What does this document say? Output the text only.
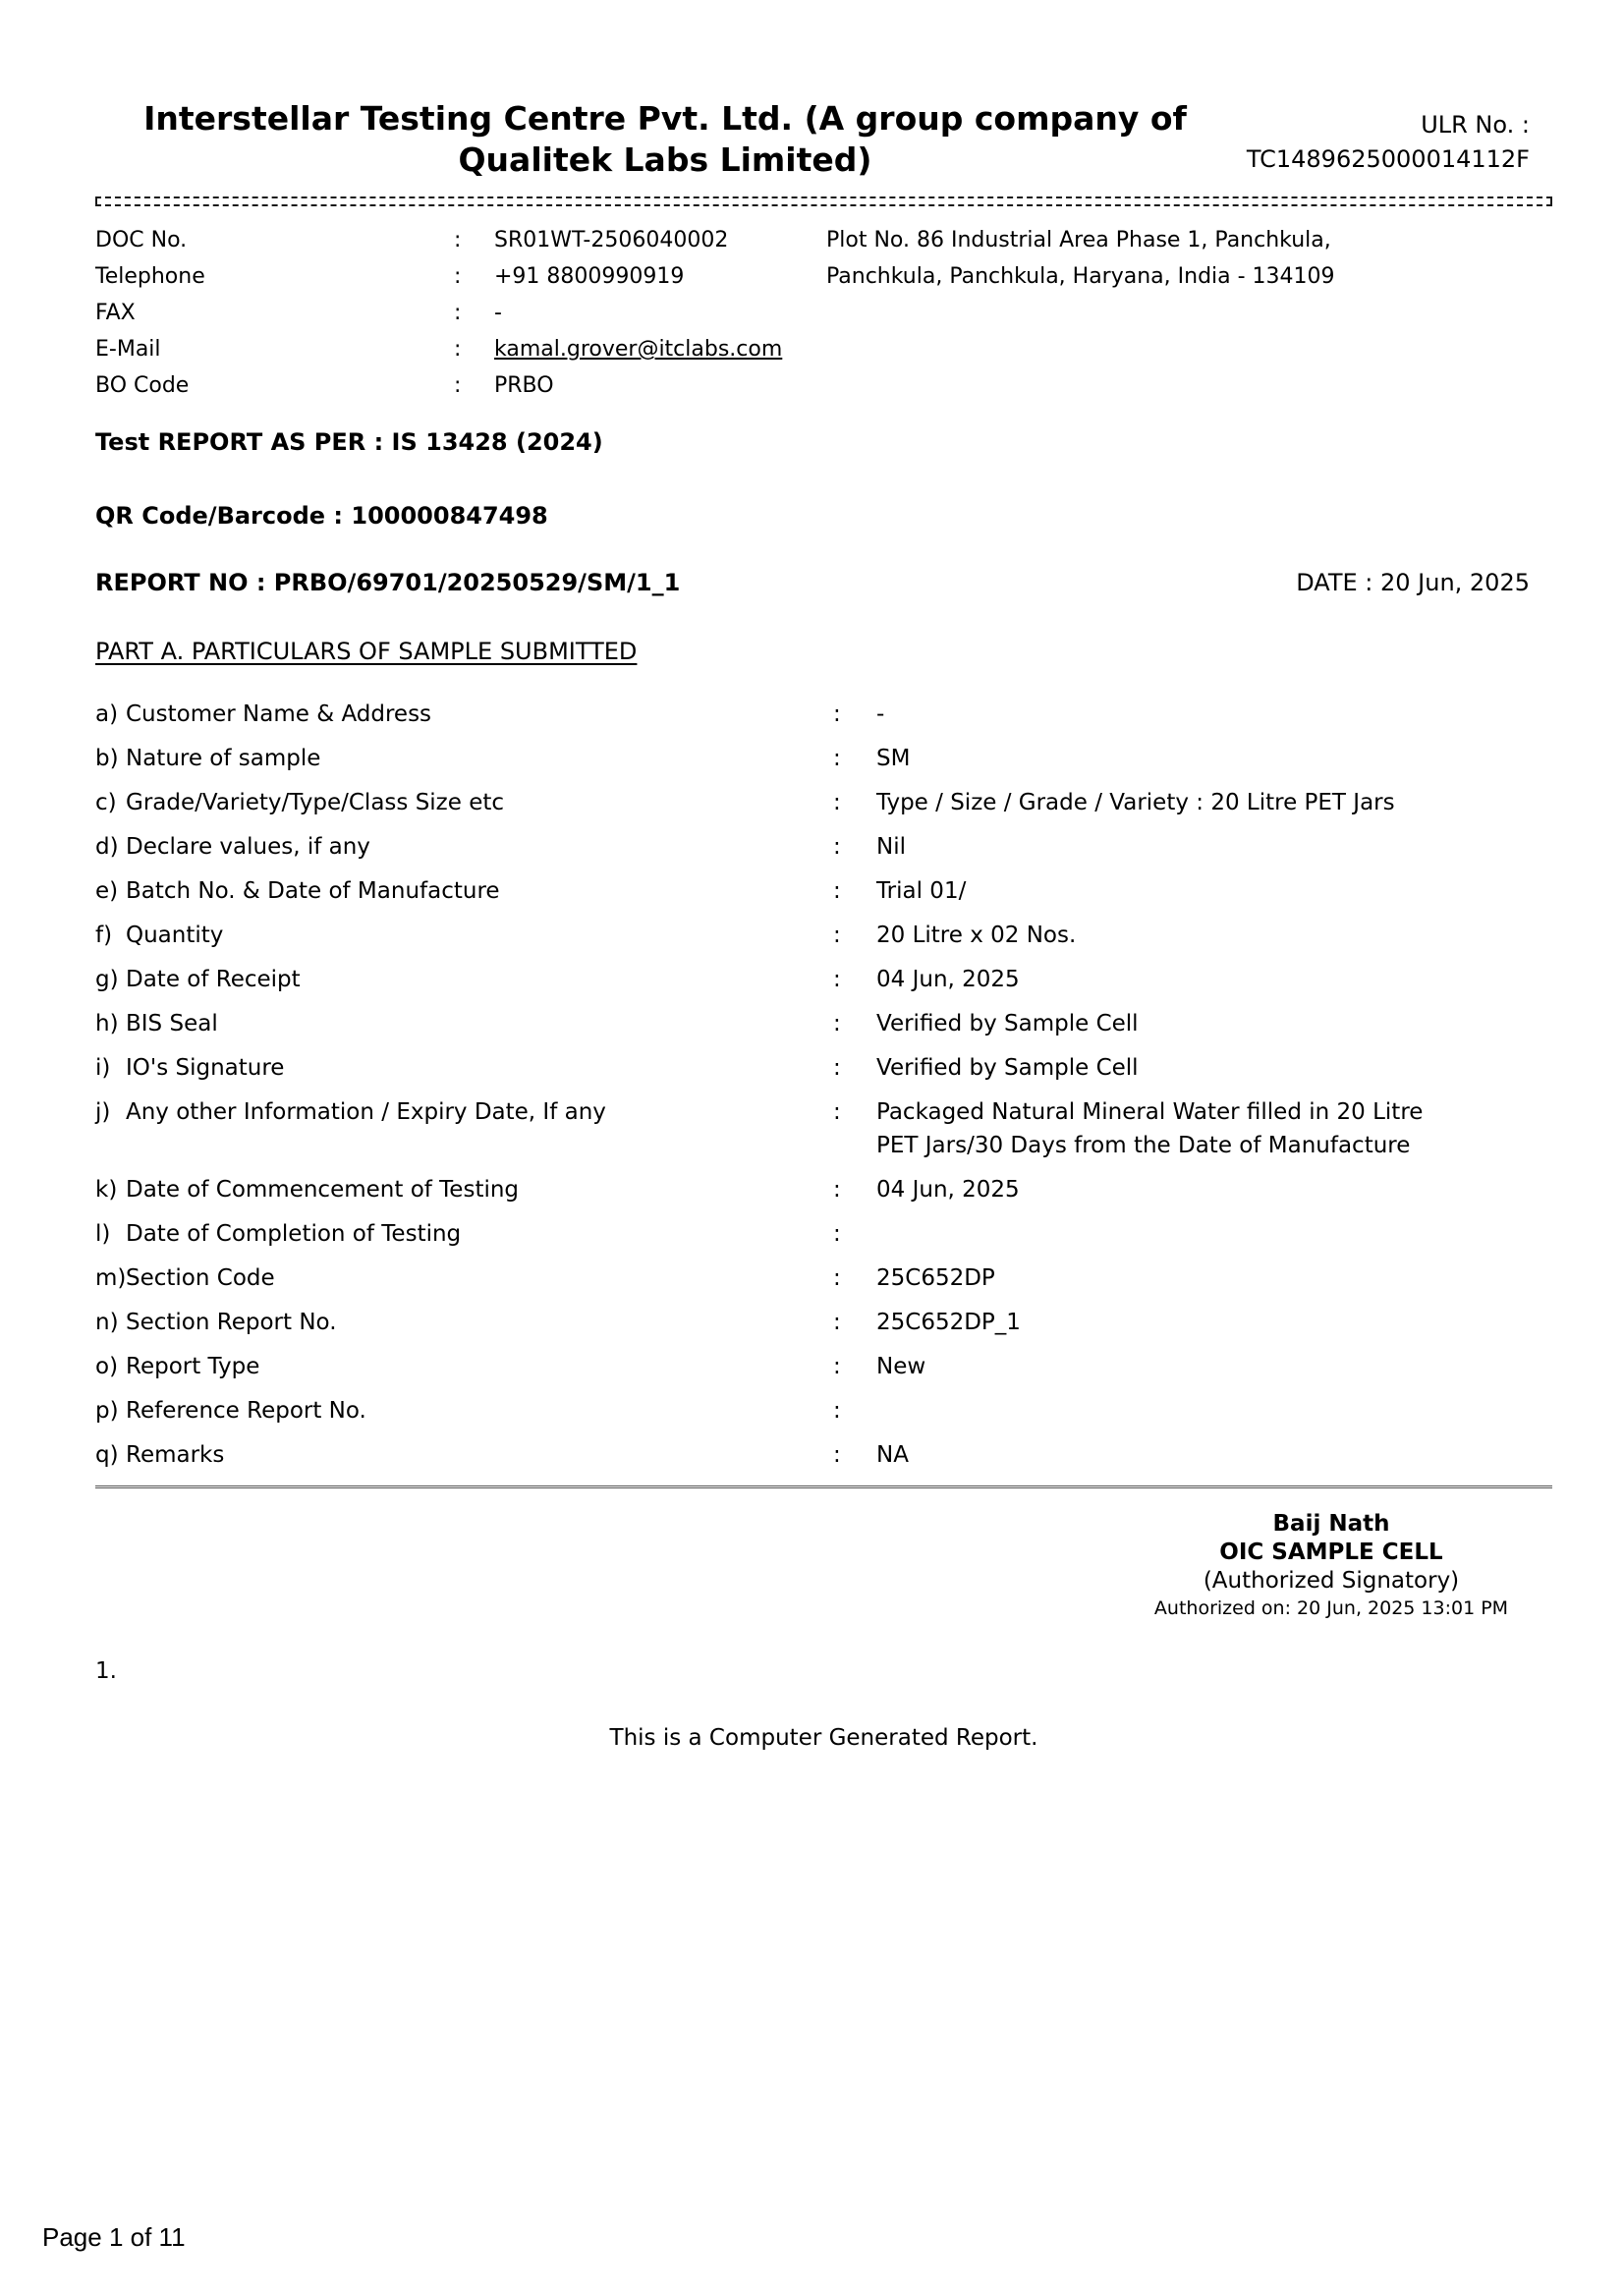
Interstellar Testing Centre Pvt. Ltd. (A group company of Qualitek Labs Limited)
ULR No. :
TC1489625000014112F
DOC No.	:	SR01WT-2506040002
Telephone	:	+91 8800990919
FAX	:	-
E-Mail	:	kamal.grover@itclabs.com
BO Code	:	PRBO
Plot No. 86 Industrial Area Phase 1, Panchkula, Panchkula, Panchkula, Haryana, India - 134109
Test REPORT AS PER : IS 13428 (2024)
QR Code/Barcode : 100000847498
REPORT NO : PRBO/69701/20250529/SM/1_1	DATE : 20 Jun, 2025
PART A. PARTICULARS OF SAMPLE SUBMITTED
a) Customer Name & Address	:	-
b) Nature of sample	:	SM
c) Grade/Variety/Type/Class Size etc	:	Type / Size / Grade / Variety : 20 Litre PET Jars
d) Declare values, if any	:	Nil
e) Batch No. & Date of Manufacture	:	Trial 01/
f) Quantity	:	20 Litre x 02 Nos.
g) Date of Receipt	:	04 Jun, 2025
h) BIS Seal	:	Verified by Sample Cell
i) IO's Signature	:	Verified by Sample Cell
j) Any other Information / Expiry Date, If any	:	Packaged Natural Mineral Water filled in 20 Litre PET Jars/30 Days from the Date of Manufacture
k) Date of Commencement of Testing	:	04 Jun, 2025
l) Date of Completion of Testing	:
m) Section Code	:	25C652DP
n) Section Report No.	:	25C652DP_1
o) Report Type	:	New
p) Reference Report No.	:
q) Remarks	:	NA
Baij Nath
OIC SAMPLE CELL
(Authorized Signatory)
Authorized on: 20 Jun, 2025 13:01 PM
1.
This is a Computer Generated Report.
Page 1 of 11
